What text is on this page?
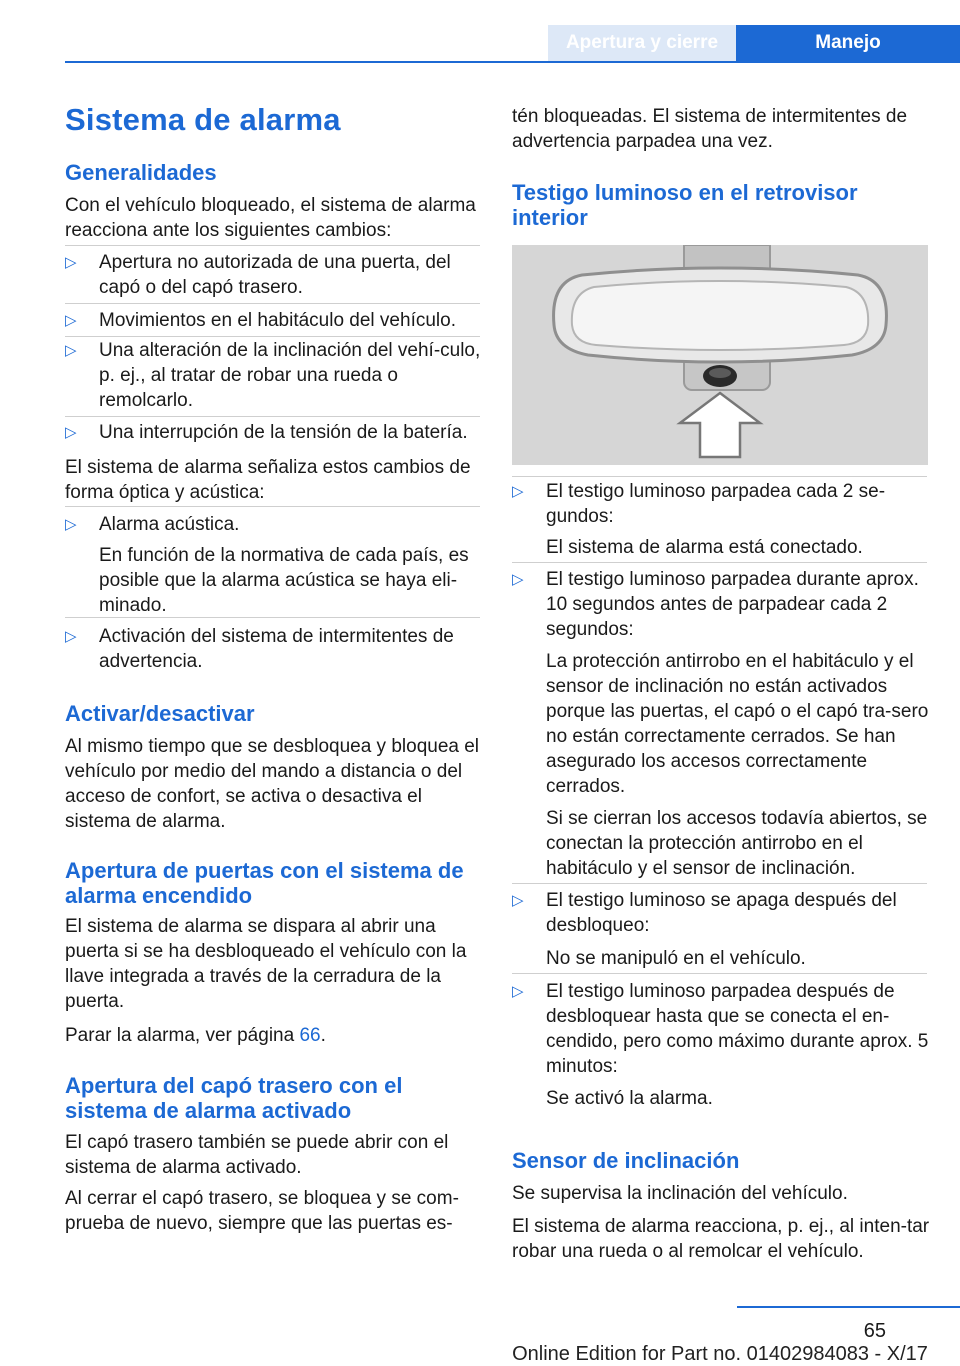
Apertura y cierre	Manejo
Sistema de alarma
Generalidades

Con el vehículo bloqueado, el sistema de alarma reacciona ante los siguientes cambios:

▷ Apertura no autorizada de una puerta, del capó o del capó trasero.
▷ Movimientos en el habitáculo del vehículo.
▷ Una alteración de la inclinación del vehí‐culo, p. ej., al tratar de robar una rueda o remolcarlo.
▷ Una interrupción de la tensión de la batería.

El sistema de alarma señaliza estos cambios de forma óptica y acústica:

▷ Alarma acústica.

En función de la normativa de cada país, es posible que la alarma acústica se haya eli‐minado.

▷ Activación del sistema de intermitentes de advertencia.
Activar/desactivar

Al mismo tiempo que se desbloquea y bloquea el vehículo por medio del mando a distancia o del acceso de confort, se activa o desactiva el sistema de alarma.

Apertura de puertas con el sistema de alarma encendido

El sistema de alarma se dispara al abrir una puerta si se ha desbloqueado el vehículo con la llave integrada a través de la cerradura de la puerta.

Parar la alarma, ver página 66.

Apertura del capó trasero con el sistema de alarma activado

El capó trasero también se puede abrir con el sistema de alarma activado.

Al cerrar el capó trasero, se bloquea y se com‐prueba de nuevo, siempre que las puertas es‐

tén bloqueadas. El sistema de intermitentes de advertencia parpadea una vez.

Testigo luminoso en el retrovisor interior
▷ El testigo luminoso parpadea cada 2 se‐gundos:

El sistema de alarma está conectado.

▷ El testigo luminoso parpadea durante aprox. 10 segundos antes de parpadear cada 2 segundos:

La protección antirrobo en el habitáculo y el sensor de inclinación no están activados porque las puertas, el capó o el capó tra‐sero no están correctamente cerrados. Se han asegurado los accesos correctamente cerrados.

Si se cierran los accesos todavía abiertos, se conectan la protección antirrobo en el habitáculo y el sensor de inclinación.

▷ El testigo luminoso se apaga después del desbloqueo:

No se manipuló en el vehículo.

▷ El testigo luminoso parpadea después de desbloquear hasta que se conecta el en‐cendido, pero como máximo durante aprox. 5 minutos:

Se activó la alarma.

Sensor de inclinación

Se supervisa la inclinación del vehículo.

El sistema de alarma reacciona, p. ej., al inten‐tar robar una rueda o al remolcar el vehículo.

65
Online Edition for Part no. 01402984083 - X/17
